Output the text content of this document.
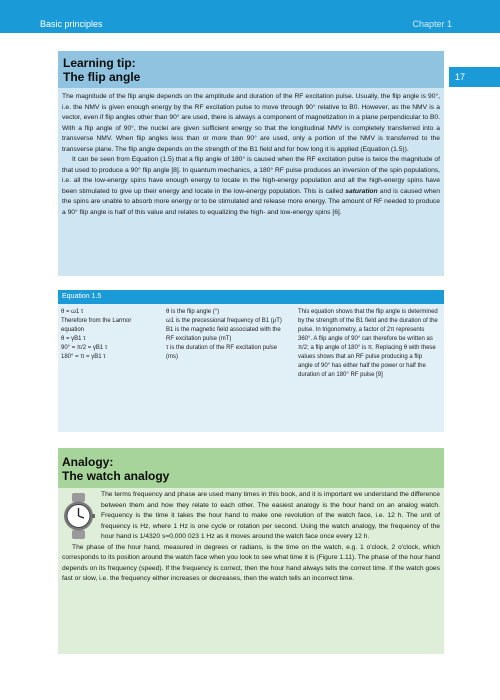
Basic principles	Chapter 1
17
Learning tip:
The flip angle

The magnitude of the flip angle depends on the amplitude and duration of the RF excitation pulse. Usually, the flip angle is 90°, i.e. the NMV is given enough energy by the RF excitation pulse to move through 90° relative to B0. However, as the NMV is a vector, even if flip angles other than 90° are used, there is always a component of magnetization in a plane perpendicular to B0. With a flip angle of 90°, the nuclei are given sufficient energy so that the longitudinal NMV is completely transferred into a transverse NMV. When flip angles less than or more than 90° are used, only a portion of the NMV is transferred to the transverse plane. The flip angle depends on the strength of the B1 field and for how long it is applied (Equation (1.5)).

It can be seen from Equation (1.5) that a flip angle of 180° is caused when the RF excitation pulse is twice the magnitude of that used to produce a 90° flip angle [8]. In quantum mechanics, a 180° RF pulse produces an inversion of the spin populations, i.e. all the low-energy spins have enough energy to locate in the high-energy population and all the high-energy spins have been stimulated to give up their energy and locate in the low-energy population. This is called saturation and is caused when the spins are unable to absorb more energy or to be stimulated and release more energy. The amount of RF needed to produce a 90° flip angle is half of this value and relates to equalizing the high- and low-energy spins [6].

Equation 1.5
θ = ω1 τ
Therefore from the Larmor equation
θ = γB1 τ
90° = π/2 = γB1 τ
180° = π = γB1 τ
θ is the flip angle (°)
ω1 is the precessional frequency of B1 (μT)
B1 is the magnetic field associated with the RF excitation pulse (mT)
τ is the duration of the RF excitation pulse (ms)
This equation shows that the flip angle is determined by the strength of the B1 field and the duration of the pulse. In trigonometry, a factor of 2π represents 360°. A flip angle of 90° can therefore be written as π/2; a flip angle of 180° is π. Replacing θ with these values shows that an RF pulse producing a flip angle of 90° has either half the power or half the duration of an 180° RF pulse [9]
Analogy:
The watch analogy

The terms frequency and phase are used many times in this book, and it is important we understand the difference between them and how they relate to each other. The easiest analogy is the hour hand on an analog watch. Frequency is the time it takes the hour hand to make one revolution of the watch face, i.e. 12 h. The unit of frequency is Hz, where 1 Hz is one cycle or rotation per second. Using the watch analogy, the frequency of the hour hand is 1/4320 s=0.000 023 1 Hz as it moves around the watch face once every 12 h.

The phase of the hour hand, measured in degrees or radians, is the time on the watch, e.g. 1 o'clock, 2 o'clock, which corresponds to its position around the watch face when you look to see what time it is (Figure 1.11). The phase of the hour hand depends on its frequency (speed). If the frequency is correct, then the hour hand always tells the correct time. If the watch goes fast or slow, i.e. the frequency either increases or decreases, then the watch tells an incorrect time.
